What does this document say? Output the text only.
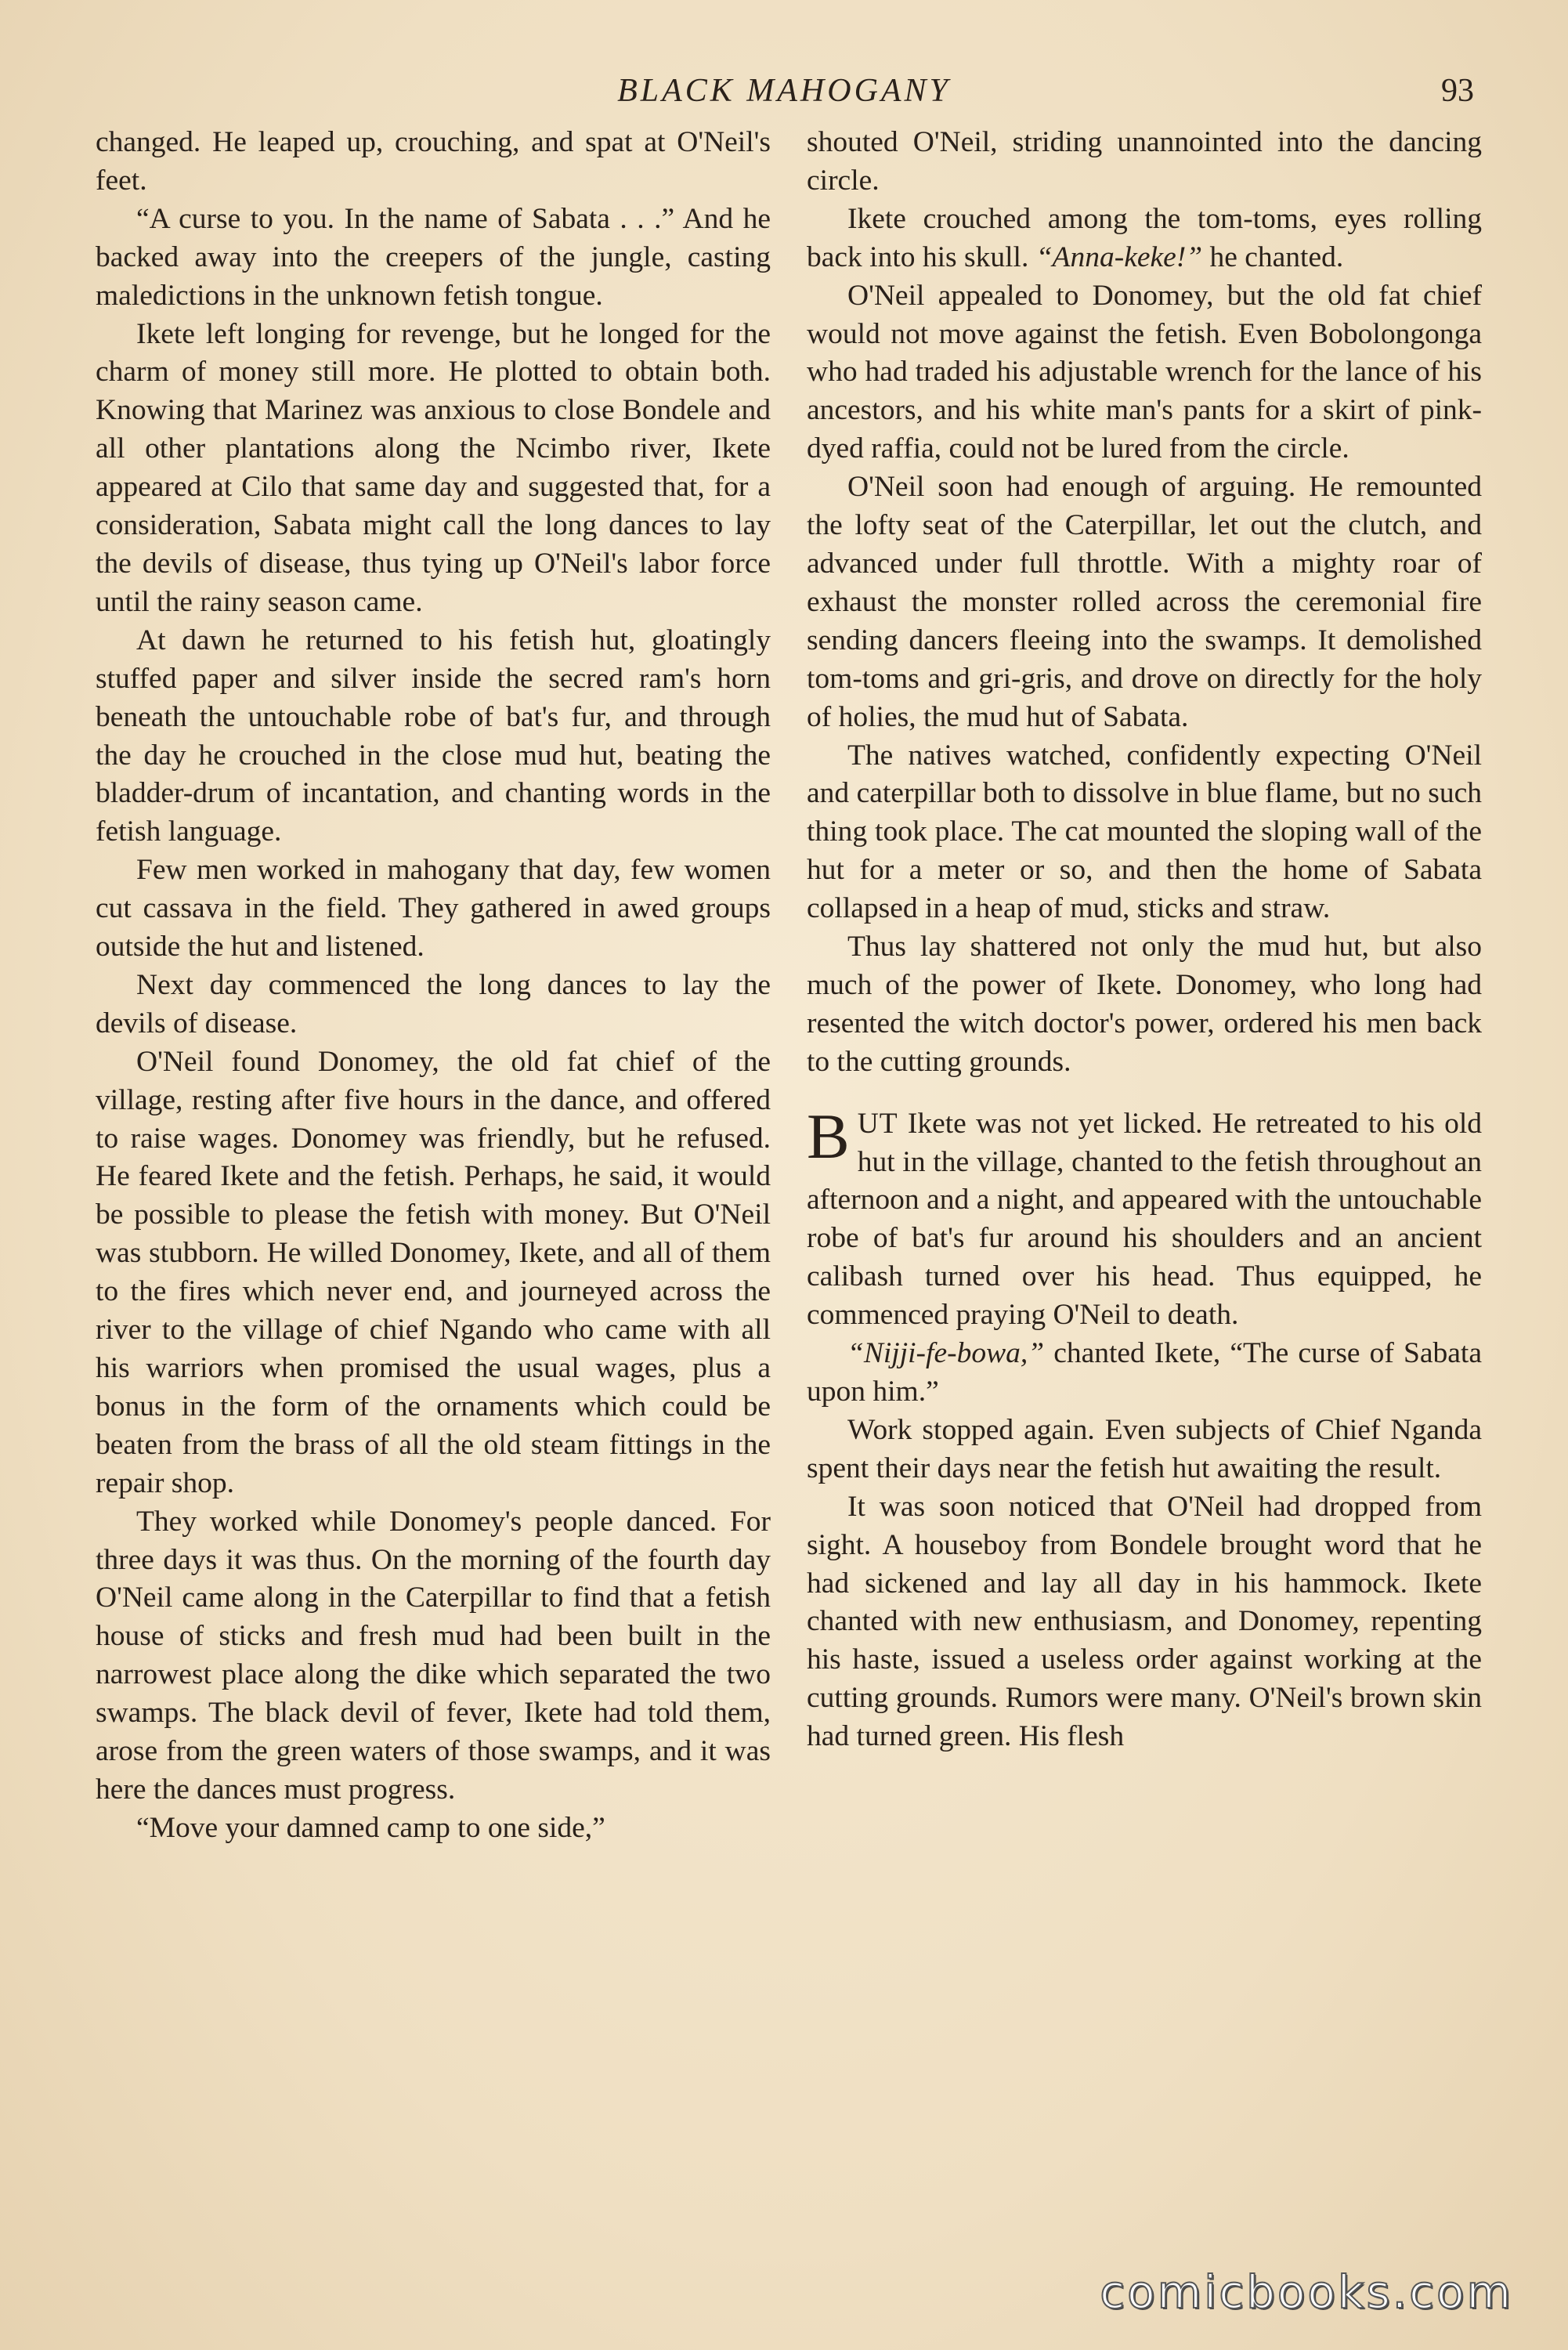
BLACK MAHOGANY	93

changed. He leaped up, crouching, and spat at O'Neil's feet.

“A curse to you. In the name of Sabata . . .” And he backed away into the creepers of the jungle, casting maledictions in the unknown fetish tongue.

Ikete left longing for revenge, but he longed for the charm of money still more. He plotted to obtain both. Knowing that Marinez was anxious to close Bondele and all other plantations along the Ncimbo river, Ikete appeared at Cilo that same day and suggested that, for a consideration, Sabata might call the long dances to lay the devils of disease, thus tying up O'Neil's labor force until the rainy season came.

At dawn he returned to his fetish hut, gloatingly stuffed paper and silver inside the secred ram's horn beneath the untouchable robe of bat's fur, and through the day he crouched in the close mud hut, beating the bladder-drum of incantation, and chanting words in the fetish language.

Few men worked in mahogany that day, few women cut cassava in the field. They gathered in awed groups outside the hut and listened.

Next day commenced the long dances to lay the devils of disease.

O'Neil found Donomey, the old fat chief of the village, resting after five hours in the dance, and offered to raise wages. Donomey was friendly, but he refused. He feared Ikete and the fetish. Perhaps, he said, it would be possible to please the fetish with money. But O'Neil was stubborn. He willed Donomey, Ikete, and all of them to the fires which never end, and journeyed across the river to the village of chief Ngando who came with all his warriors when promised the usual wages, plus a bonus in the form of the ornaments which could be beaten from the brass of all the old steam fittings in the repair shop.

They worked while Donomey's people danced. For three days it was thus. On the morning of the fourth day O'Neil came along in the Caterpillar to find that a fetish house of sticks and fresh mud had been built in the narrowest place along the dike which separated the two swamps. The black devil of fever, Ikete had told them, arose from the green waters of those swamps, and it was here the dances must progress.

“Move your damned camp to one side,”

shouted O'Neil, striding unannointed into the dancing circle.

Ikete crouched among the tom-toms, eyes rolling back into his skull. “Anna-keke!” he chanted.

O'Neil appealed to Donomey, but the old fat chief would not move against the fetish. Even Bobolongonga who had traded his adjustable wrench for the lance of his ancestors, and his white man's pants for a skirt of pink-dyed raffia, could not be lured from the circle.

O'Neil soon had enough of arguing. He remounted the lofty seat of the Caterpillar, let out the clutch, and advanced under full throttle. With a mighty roar of exhaust the monster rolled across the ceremonial fire sending dancers fleeing into the swamps. It demolished tom-toms and gri-gris, and drove on directly for the holy of holies, the mud hut of Sabata.

The natives watched, confidently expecting O'Neil and caterpillar both to dissolve in blue flame, but no such thing took place. The cat mounted the sloping wall of the hut for a meter or so, and then the home of Sabata collapsed in a heap of mud, sticks and straw.

Thus lay shattered not only the mud hut, but also much of the power of Ikete. Donomey, who long had resented the witch doctor's power, ordered his men back to the cutting grounds.

BUT Ikete was not yet licked. He retreated to his old hut in the village, chanted to the fetish throughout an afternoon and a night, and appeared with the untouchable robe of bat's fur around his shoulders and an ancient calibash turned over his head. Thus equipped, he commenced praying O'Neil to death.

“Nijji-fe-bowa,” chanted Ikete, “The curse of Sabata upon him.”

Work stopped again. Even subjects of Chief Nganda spent their days near the fetish hut awaiting the result.

It was soon noticed that O'Neil had dropped from sight. A houseboy from Bondele brought word that he had sickened and lay all day in his hammock. Ikete chanted with new enthusiasm, and Donomey, repenting his haste, issued a useless order against working at the cutting grounds. Rumors were many. O'Neil's brown skin had turned green. His flesh

comicbooks.com
